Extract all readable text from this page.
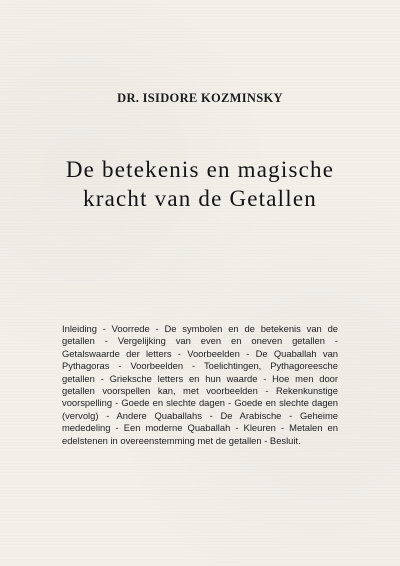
DR. ISIDORE KOZMINSKY
De betekenis en magische
kracht van de Getallen
Inleiding - Voorrede - De symbolen en de betekenis van de getallen - Vergelijking van even en oneven getallen - Getalswaarde der letters - Voorbeelden - De Quaballah van Pythagoras - Voorbeelden - Toelichtingen, Pythagoreesche getallen - Grieksche letters en hun waarde - Hoe men door getallen voorspellen kan, met voorbeelden - Rekenkunstige voorspelling - Goede en slechte dagen - Goede en slechte dagen (vervolg) - Andere Quaballahs - De Arabische - Geheime mededeling - Een moderne Quaballah - Kleuren - Metalen en edelstenen in overeenstemming met de getallen - Besluit.
